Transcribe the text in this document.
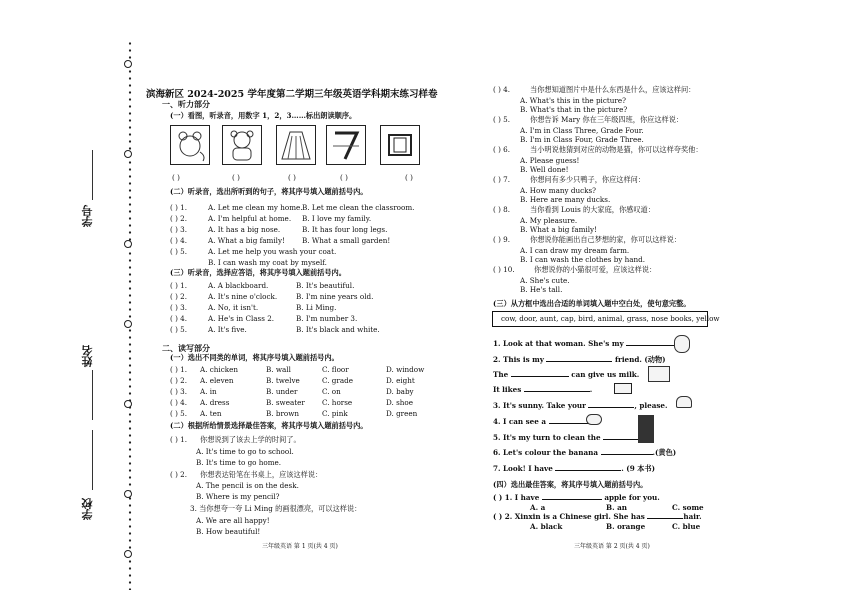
学号
姓名
学校
滨海新区 2024-2025 学年度第二学期三年级英语学科期末练习样卷
一、听力部分
(一）看图，听录音，用数字 1，2，3……标出朗读顺序。
( )	( )	( )	( )	( )
(二）听录音，选出所听到的句子，将其序号填入题前括号内。
( ) 1.	A. Let me clean my home. B. Let me clean the classroom.
( ) 2.	A. I'm helpful at home. B. I love my family.
( ) 3.	A. It has a big nose.	B. It has four long legs.
( ) 4.	A. What a big family! B. What a small garden!
( ) 5.	A. Let me help you wash your coat.
B. I can wash my coat by myself.
(三）听录音，选择应答语，将其序号填入题前括号内。
( ) 1.	A. A blackboard.	B. It's beautiful.
( ) 2.	A. It's nine o'clock.	B. I'm nine years old.
( ) 3.	A. No, it isn't.	B. Li Ming.
( ) 4.	A. He's in Class 2.	B. I'm number 3.
( ) 5.	A. It's five.	B. It's black and white.
二、读写部分
(一）选出不同类的单词，将其序号填入题前括号内。
( ) 1. A. chicken	B. wall	C. floor	D. window
( ) 2. A. eleven	B. twelve	C. grade	D. eight
( ) 3. A. in	B. under	C. on	D. baby
( ) 4. A. dress	B. sweater C. horse	D. shoe
( ) 5. A. ten	B. brown	C. pink	D. green
(二）根据所给情景选择最佳答案，将其序号填入题前括号内。
( ) 1. 你想说到了该去上学的时间了。
A. It's time to go to school.
B. It's time to go home.
( ) 2. 你想表达铅笔在书桌上，应该这样说：
A. The pencil is on the desk.
B. Where is my pencil?
3. 当你想夸一夸 Li Ming 的画很漂亮，可以这样说：
A. We are all happy!
B. How beautiful!
( ) 4.	当你想知道图片中是什么东西是什么，应该这样问：
A. What's this in the picture?
B. What's that in the picture?
( ) 5.	你想告诉 Mary 你在三年级四班，你应这样说：
A. I'm in Class Three, Grade Four.
B. I'm in Class Four, Grade Three.
( ) 6.	当小明说他猜到对应的动物是猫，你可以这样夸奖他：
A. Please guess!
B. Well done!
( ) 7.	你想问有多少只鸭子，你应这样问：
A. How many ducks?
B. Here are many ducks.
( ) 8.	当你看到 Louis 的大家庭，你感叹道：
A. My pleasure.
B. What a big family!
( ) 9.	你想说你能画出自己梦想的家，你可以这样说：
A. I can draw my dream farm.
B. I can wash the clothes by hand.
( ) 10.	你想说你的小猫很可爱，应该这样说：
A. She's cute.
B. He's tall.
(三）从方框中选出合适的单词填入题中空白处，使句意完整。
cow, door, aunt, cap, bird, animal, grass, nose books, yellow
1. Look at that woman. She's my
2. This is my	friend. (动物)
The	can give us milk.
It likes	.
3. It's sunny. Take your	, please.
4. I can see a
5. It's my turn to clean the
6. Let's colour the banana	.(黄色)
7. Look! I have	. (9 本书)
(四）选出最佳答案，将其序号填入题前括号内。
( ) 1. I have	apple for you.
A. a	B. an	C. some
( ) 2. Xinxin is a Chinese girl. She has	hair.
A. black	B. orange	C. blue
三年级英语 第 1 页(共 4 页)	三年级英语 第 2 页(共 4 页)
